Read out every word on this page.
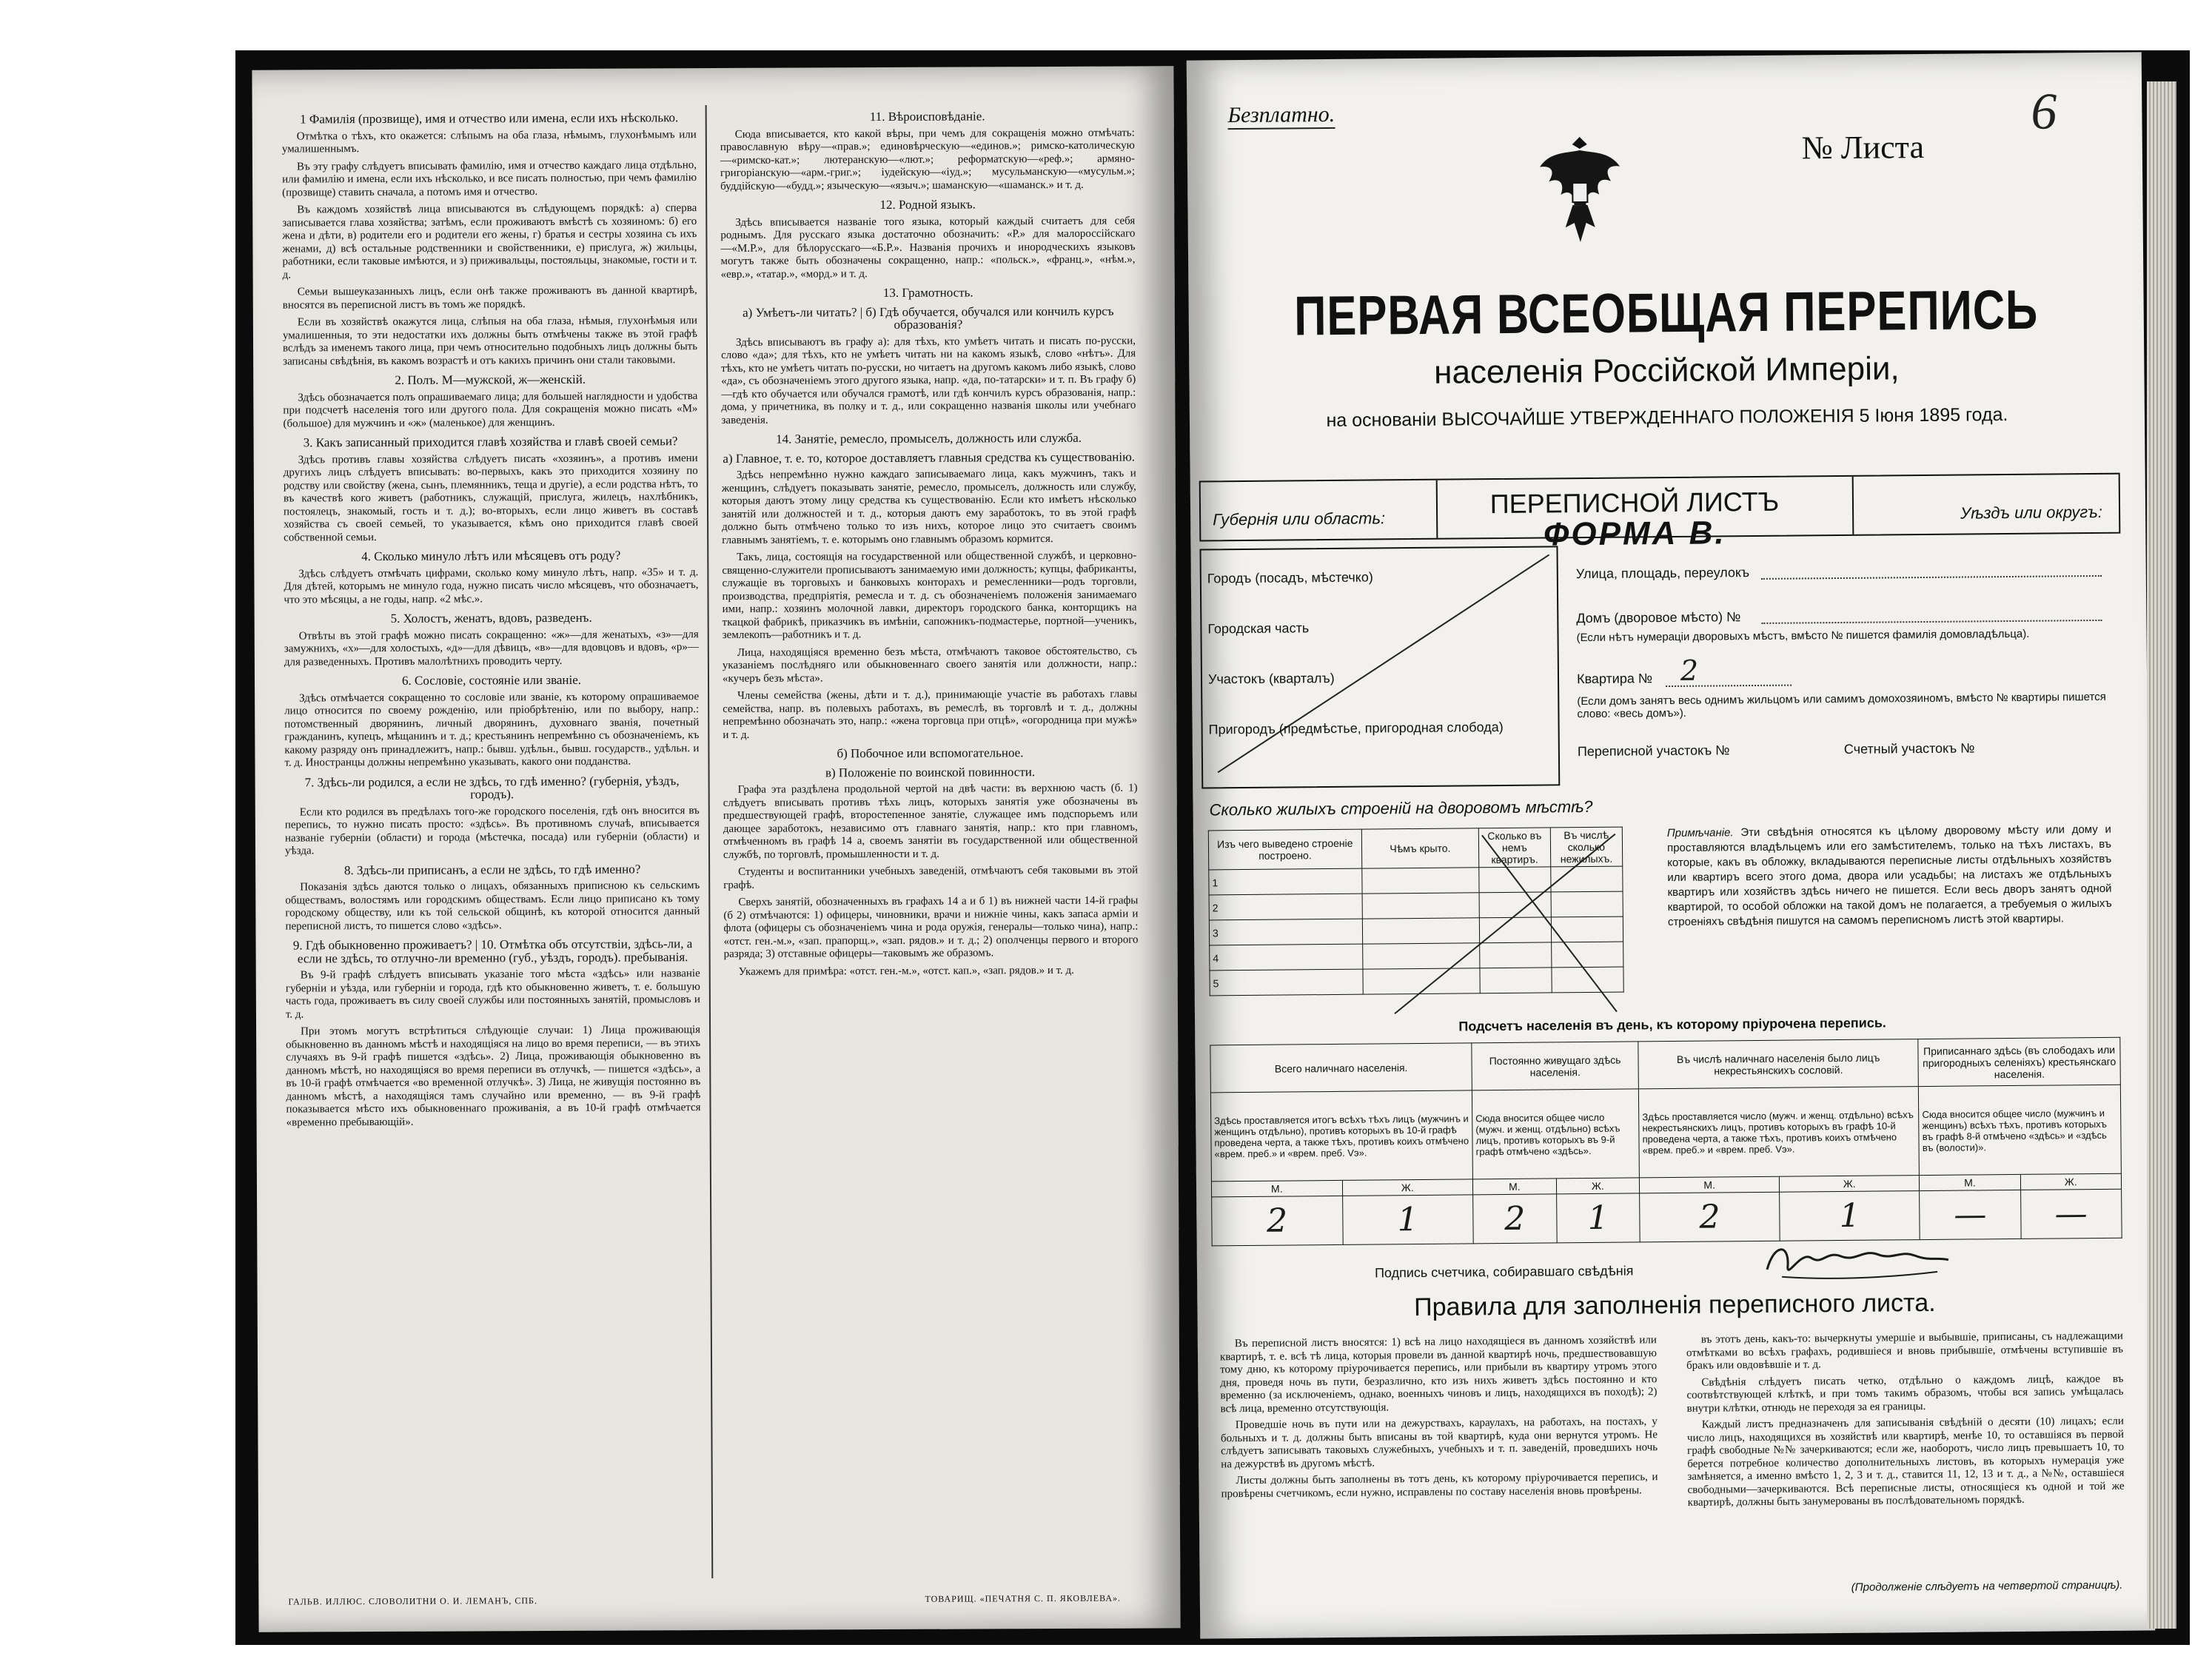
1 Фамилія (прозвище), имя и отчество или имена, если ихъ нѣсколько.

Отмѣтка о тѣхъ, кто окажется: слѣпымъ на оба глаза, нѣмымъ, глухонѣмымъ или умалишеннымъ.

Въ эту графу слѣдуетъ вписывать фамилію, имя и отчество каждаго лица отдѣльно, или фамилію и имена, если ихъ нѣсколько, и все писать полностью, при чемъ фамилію (прозвище) ставить сначала, а потомъ имя и отчество.

Въ каждомъ хозяйствѣ лица вписываются въ слѣдующемъ порядкѣ: а) сперва записывается глава хозяйства; затѣмъ, если проживаютъ вмѣстѣ съ хозяиномъ: б) его жена и дѣти, в) родители его и родители его жены, г) братья и сестры хозяина съ ихъ женами, д) всѣ остальные родственники и свойственники, е) прислуга, ж) жильцы, работники, если таковые имѣются, и з) приживальцы, постояльцы, знакомые, гости и т. д.

Семьи вышеуказанныхъ лицъ, если онѣ также проживаютъ въ данной квартирѣ, вносятся въ переписной листъ въ томъ же порядкѣ.

Если въ хозяйствѣ окажутся лица, слѣпыя на оба глаза, нѣмыя, глухонѣмыя или умалишенныя, то эти недостатки ихъ должны быть отмѣчены также въ этой графѣ вслѣдъ за именемъ такого лица, при чемъ относительно подобныхъ лицъ должны быть записаны свѣдѣнія, въ какомъ возрастѣ и отъ какихъ причинъ они стали таковыми.

2. Полъ. М—мужской, ж—женскій.

Здѣсь обозначается полъ опрашиваемаго лица; для большей наглядности и удобства при подсчетѣ населенія того или другого пола. Для сокращенія можно писать «М» (большое) для мужчинъ и «ж» (маленькое) для женщинъ.

3. Какъ записанный приходится главѣ хозяйства и главѣ своей семьи?

Здѣсь противъ главы хозяйства слѣдуетъ писать «хозяинъ», а противъ имени другихъ лицъ слѣдуетъ вписывать: во-первыхъ, какъ это приходится хозяину по родству или свойству (жена, сынъ, племянникъ, теща и другіе), а если родства нѣтъ, то въ качествѣ кого живетъ (работникъ, служащій, прислуга, жилецъ, нахлѣбникъ, постоялецъ, знакомый, гость и т. д.); во-вторыхъ, если лицо живетъ въ составѣ хозяйства съ своей семьей, то указывается, кѣмъ оно приходится главѣ своей собственной семьи.

4. Сколько минуло лѣтъ или мѣсяцевъ отъ роду?

Здѣсь слѣдуетъ отмѣчать цифрами, сколько кому минуло лѣтъ, напр. «35» и т. д. Для дѣтей, которымъ не минуло года, нужно писать число мѣсяцевъ, что обозначаетъ, что это мѣсяцы, а не годы, напр. «2 мѣс.».

5. Холостъ, женатъ, вдовъ, разведенъ.

Отвѣты въ этой графѣ можно писать сокращенно: «ж»—для женатыхъ, «з»—для замужнихъ, «х»—для холостыхъ, «д»—для дѣвицъ, «в»—для вдовцовъ и вдовъ, «р»—для разведенныхъ. Противъ малолѣтнихъ проводить черту.

6. Сословіе, состояніе или званіе.

Здѣсь отмѣчается сокращенно то сословіе или званіе, къ которому опрашиваемое лицо относится по своему рожденію, или пріобрѣтенію, или по выбору, напр.: потомственный дворянинъ, личный дворянинъ, духовнаго званія, почетный гражданинъ, купецъ, мѣщанинъ и т. д.; крестьянинъ непремѣнно съ обозначеніемъ, къ какому разряду онъ принадлежитъ, напр.: бывш. удѣльн., бывш. государств., удѣльн. и т. д. Иностранцы должны непремѣнно указывать, какого они подданства.

7. Здѣсь-ли родился, а если не здѣсь, то гдѣ именно? (губернія, уѣздъ, городъ).

Если кто родился въ предѣлахъ того-же городского поселенія, гдѣ онъ вносится въ перепись, то нужно писать просто: «здѣсь». Въ противномъ случаѣ, вписывается названіе губерніи (области) и города (мѣстечка, посада) или губерніи (области) и уѣзда.

8. Здѣсь-ли приписанъ, а если не здѣсь, то гдѣ именно?

Показанія здѣсь даются только о лицахъ, обязанныхъ приписною къ сельскимъ обществамъ, волостямъ или городскимъ обществамъ. Если лицо приписано къ тому городскому обществу, или къ той сельской общинѣ, къ которой относится данный переписной листъ, то пишется слово «здѣсь».

9. Гдѣ обыкновенно проживаетъ? | 10. Отмѣтка объ отсутствіи, здѣсь-ли, а если не здѣсь, то отлучно-ли временно (губ., уѣздъ, городъ). пребыванія.

Въ 9-й графѣ слѣдуетъ вписывать указаніе того мѣста «здѣсь» или названіе губерніи и уѣзда, или губерніи и города, гдѣ кто обыкновенно живетъ, т. е. большую часть года, проживаетъ въ силу своей службы или постоянныхъ занятій, промысловъ и т. д.

При этомъ могутъ встрѣтиться слѣдующіе случаи: 1) Лица проживающія обыкновенно въ данномъ мѣстѣ и находящіяся на лицо во время переписи, — въ этихъ случаяхъ въ 9-й графѣ пишется «здѣсь». 2) Лица, проживающія обыкновенно въ данномъ мѣстѣ, но находящіяся во время переписи въ отлучкѣ, — пишется «здѣсь», а въ 10-й графѣ отмѣчается «во временной отлучкѣ». 3) Лица, не живущія постоянно въ данномъ мѣстѣ, а находящіяся тамъ случайно или временно, — въ 9-й графѣ показывается мѣсто ихъ обыкновеннаго проживанія, а въ 10-й графѣ отмѣчается «временно пребывающій».

11. Вѣроисповѣданіе.

Сюда вписывается, кто какой вѣры, при чемъ для сокращенія можно отмѣчать: православную вѣру—«прав.»; единовѣрческую—«единов.»; римско-католическую—«римско-кат.»; лютеранскую—«лют.»; реформатскую—«реф.»; армяно-григоріанскую—«арм.-григ.»; іудейскую—«іуд.»; мусульманскую—«мусульм.»; буддійскую—«будд.»; языческую—«языч.»; шаманскую—«шаманск.» и т. д.

12. Родной языкъ.

Здѣсь вписывается названіе того языка, который каждый считаетъ для себя роднымъ. Для русскаго языка достаточно обозначить: «Р.» для малороссійскаго—«М.Р.», для бѣлорусскаго—«Б.Р.». Названія прочихъ и инородческихъ языковъ могутъ также быть обозначены сокращенно, напр.: «польск.», «франц.», «нѣм.», «евр.», «татар.», «морд.» и т. д.

13. Грамотность.
а) Умѣетъ-ли читать? | б) Гдѣ обучается, обучался или кончилъ курсъ образованія?

Здѣсь вписываютъ въ графу а): для тѣхъ, кто умѣетъ читать и писать по-русски, слово «да»; для тѣхъ, кто не умѣетъ читать ни на какомъ языкѣ, слово «нѣтъ». Для тѣхъ, кто не умѣетъ читать по-русски, но читаетъ на другомъ какомъ либо языкѣ, слово «да», съ обозначеніемъ этого другого языка, напр. «да, по-татарски» и т. п. Въ графу б)—гдѣ кто обучается или обучался грамотѣ, или гдѣ кончилъ курсъ образованія, напр.: дома, у причетника, въ полку и т. д., или сокращенно названія школы или учебнаго заведенія.

14. Занятіе, ремесло, промыселъ, должность или служба.
а) Главное, т. е. то, которое доставляетъ главныя средства къ существованію.

Здѣсь непремѣнно нужно каждаго записываемаго лица, какъ мужчинъ, такъ и женщинъ, слѣдуетъ показывать занятіе, ремесло, промыселъ, должность или службу, которыя даютъ этому лицу средства къ существованію. Если кто имѣетъ нѣсколько занятій или должностей и т. д., которыя даютъ ему заработокъ, то въ этой графѣ должно быть отмѣчено только то изъ нихъ, которое лицо это считаетъ своимъ главнымъ занятіемъ, т. е. которымъ оно главнымъ образомъ кормится.

Такъ, лица, состоящія на государственной или общественной службѣ, и церковно-священно-служители прописываютъ занимаемую ими должность; купцы, фабриканты, служащіе въ торговыхъ и банковыхъ конторахъ и ремесленники—родъ торговли, производства, предпріятія, ремесла и т. д. съ обозначеніемъ положенія занимаемаго ими, напр.: хозяинъ молочной лавки, директоръ городского банка, конторщикъ на ткацкой фабрикѣ, приказчикъ въ имѣніи, сапожникъ-подмастерье, портной—ученикъ, землекопъ—работникъ и т. д.

Лица, находящіяся временно безъ мѣста, отмѣчаютъ таковое обстоятельство, съ указаніемъ послѣдняго или обыкновеннаго своего занятія или должности, напр.: «кучеръ безъ мѣста».

Члены семейства (жены, дѣти и т. д.), принимающіе участіе въ работахъ главы семейства, напр. въ полевыхъ работахъ, въ ремеслѣ, въ торговлѣ и т. д., должны непремѣнно обозначать это, напр.: «жена торговца при отцѣ», «огородница при мужѣ» и т. д.

б) Побочное или вспомогательное.
в) Положеніе по воинской повинности.

Графа эта раздѣлена продольной чертой на двѣ части: въ верхнюю часть (б. 1) слѣдуетъ вписывать противъ тѣхъ лицъ, которыхъ занятія уже обозначены въ предшествующей графѣ, второстепенное занятіе, служащее имъ подспорьемъ или дающее заработокъ, независимо отъ главнаго занятія, напр.: кто при главномъ, отмѣченномъ въ графѣ 14 а, своемъ занятіи въ государственной или общественной службѣ, по торговлѣ, промышленности и т. д.

Студенты и воспитанники учебныхъ заведеній, отмѣчаютъ себя таковыми въ этой графѣ.

Сверхъ занятій, обозначенныхъ въ графахъ 14 а и б 1) въ нижней части 14-й графы (б 2) отмѣчаются: 1) офицеры, чиновники, врачи и нижніе чины, какъ запаса арміи и флота (офицеры съ обозначеніемъ чина и рода оружія, генералы—только чина), напр.: «отст. ген.-м.», «зап. прапорщ.», «зап. рядов.» и т. д.; 2) ополченцы первого и второго разряда; 3) отставные офицеры—таковымъ же образомъ.

Укажемъ для примѣра: «отст. ген.-м.», «отст. кап.», «зап. рядов.» и т. д.

ГАЛЬВ. ИЛЛЮС. СЛОВОЛИТНИ О. И. ЛЕМАНЪ, СПБ.	ТОВАРИЩ. «ПЕЧАТНЯ С. П. ЯКОВЛЕВА».
Безплатно.
№ Листа
6
ПЕРВАЯ ВСЕОБЩАЯ ПЕРЕПИСЬ
населенія Россійской Имперіи,
на основаніи ВЫСОЧАЙШЕ УТВЕРЖДЕННАГО ПОЛОЖЕНІЯ 5 Іюня 1895 года.
Губернія или область:	Уѣздъ или округъ:
ПЕРЕПИСНОЙ ЛИСТЪ
ФОРМА В.
Городъ (посадъ, мѣстечко)
Городская часть
Участокъ (кварталъ)
Пригородъ (предмѣстье, пригородная слобода)
Улица, площадь, переулокъ
Домъ (дворовое мѣсто) №
(Если нѣтъ нумераціи дворовыхъ мѣстъ, вмѣсто № пишется фамилія домовладѣльца).
Квартира № 2
(Если домъ занятъ весь однимъ жильцомъ или самимъ домохозяиномъ, вмѣсто № квартиры пишется слово: «весь домъ»).
Переписной участокъ №	Счетный участокъ №
Сколько жилыхъ строеній на дворовомъ мѣстѣ?
Изъ чего выведено строеніе построено.	Чѣмъ крыто.	Сколько въ немъ квартиръ.	Въ числѣ сколько нежилыхъ.
1			
2			
3			
4			
5			
Примѣчаніе. Эти свѣдѣнія относятся къ цѣлому дворовому мѣсту или дому и проставляются владѣльцемъ или его замѣстителемъ, только на тѣхъ листахъ, въ которые, какъ въ обложку, вкладываются переписные листы отдѣльныхъ хозяйствъ или квартиръ всего этого дома, двора или усадьбы; на листахъ же отдѣльныхъ квартиръ или хозяйствъ здѣсь ничего не пишется. Если весь дворъ занятъ одной квартирой, то особой обложки на такой домъ не полагается, а требуемыя о жилыхъ строеніяхъ свѣдѣнія пишутся на самомъ переписномъ листѣ этой квартиры.
Подсчетъ населенія въ день, къ которому пріурочена перепись.
Всего наличнаго населенія.		Постоянно живущаго здѣсь населенія.		Въ числѣ наличнаго населенія было лицъ некрестьянскихъ сословій.		Приписаннаго здѣсь (въ слободахъ или пригородныхъ селеніяхъ) крестьянскаго населенія.	
Здѣсь проставляется итогъ всѣхъ тѣхъ лицъ (мужчинъ и женщинъ отдѣльно), противъ которыхъ въ 10-й графѣ проведена черта, а также тѣхъ, противъ коихъ отмѣчено «врем. преб.» и «врем. преб. Vэ».		Сюда вносится общее число (мужч. и женщ. отдѣльно) всѣхъ лицъ, противъ которыхъ въ 9-й графѣ отмѣчено «здѣсь».		Здѣсь проставляется число (мужч. и женщ. отдѣльно) всѣхъ некрестьянскихъ лицъ, противъ которыхъ въ графѣ 10-й проведена черта, а также тѣхъ, противъ коихъ отмѣчено «врем. преб.» и «врем. преб. Vэ».		Сюда вносится общее число (мужчинъ и женщинъ) всѣхъ тѣхъ, противъ которыхъ въ графѣ 8-й отмѣчено «здѣсь» и «здѣсь въ (волости)».	
М.	Ж.	М.	Ж.	М.	Ж.	М.	Ж.
2	1	2	1	2	1	—	—
Подпись счетчика, собиравшаго свѣдѣнія
Правила для заполненія переписного листа.

Въ переписной листъ вносятся: 1) всѣ на лицо находящіеся въ данномъ хозяйствѣ или квартирѣ, т. е. всѣ тѣ лица, которыя провели въ данной квартирѣ ночь, предшествовавшую тому дню, къ которому пріурочивается перепись, или прибыли въ квартиру утромъ этого дня, проведя ночь въ пути, безразлично, кто изъ нихъ живетъ здѣсь постоянно и кто временно (за исключеніемъ, однако, военныхъ чиновъ и лицъ, находящихся въ походѣ); 2) всѣ лица, временно отсутствующія.

Проведшіе ночь въ пути или на дежурствахъ, караулахъ, на работахъ, на постахъ, у больныхъ и т. д. должны быть вписаны въ той квартирѣ, куда они вернутся утромъ. Не слѣдуетъ записывать таковыхъ служебныхъ, учебныхъ и т. п. заведеній, проведшихъ ночь на дежурствѣ въ другомъ мѣстѣ.

Листы должны быть заполнены въ тотъ день, къ которому пріурочивается перепись, и провѣрены счетчикомъ, если нужно, исправлены по составу населенія вновь провѣрены.

въ этотъ день, какъ-то: вычеркнуты умершіе и выбывшіе, приписаны, съ надлежащими отмѣтками во всѣхъ графахъ, родившіеся и вновь прибывшіе, отмѣчены вступившіе въ бракъ или овдовѣвшіе и т. д.

Свѣдѣнія слѣдуетъ писать четко, отдѣльно о каждомъ лицѣ, каждое въ соотвѣтствующей клѣткѣ, и при томъ такимъ образомъ, чтобы вся запись умѣщалась внутри клѣтки, отнюдь не переходя за ея границы.

Каждый листъ предназначенъ для записыванія свѣдѣній о десяти (10) лицахъ; если число лицъ, находящихся въ хозяйствѣ или квартирѣ, менѣе 10, то оставшіяся въ первой графѣ свободные №№ зачеркиваются; если же, наоборотъ, число лицъ превышаетъ 10, то берется потребное количество дополнительныхъ листовъ, въ которыхъ нумерація уже замѣняется, а именно вмѣсто 1, 2, 3 и т. д., ставится 11, 12, 13 и т. д., а №№, оставшіеся свободными—зачеркиваются. Всѣ переписные листы, относящіеся къ одной и той же квартирѣ, должны быть занумерованы въ послѣдовательномъ порядкѣ.

(Продолженіе слѣдуетъ на четвертой страницѣ).
